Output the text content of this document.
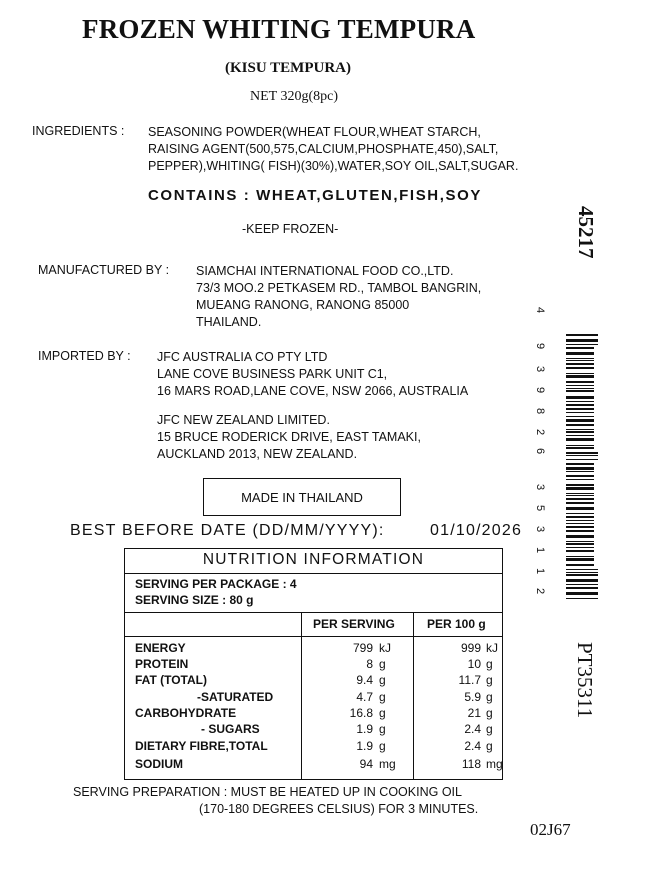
FROZEN WHITING TEMPURA
(KISU TEMPURA)
NET 320g(8pc)
INGREDIENTS : SEASONING POWDER(WHEAT FLOUR,WHEAT STARCH,
RAISING AGENT(500,575,CALCIUM,PHOSPHATE,450),SALT,
PEPPER),WHITING( FISH)(30%),WATER,SOY OIL,SALT,SUGAR.
CONTAINS : WHEAT,GLUTEN,FISH,SOY
-KEEP FROZEN-
MANUFACTURED BY : SIAMCHAI INTERNATIONAL FOOD CO.,LTD.
73/3 MOO.2 PETKASEM RD., TAMBOL BANGRIN,
MUEANG RANONG, RANONG 85000
THAILAND.
IMPORTED BY : JFC AUSTRALIA CO PTY LTD
LANE COVE BUSINESS PARK UNIT C1,
16 MARS ROAD,LANE COVE, NSW 2066, AUSTRALIA
JFC NEW ZEALAND LIMITED.
15 BRUCE RODERICK DRIVE, EAST TAMAKI,
AUCKLAND 2013, NEW ZEALAND.
MADE IN THAILAND
BEST BEFORE DATE (DD/MM/YYYY):	01/10/2026
NUTRITION INFORMATION
SERVING PER PACKAGE : 4
SERVING SIZE : 80 g
PER SERVING	PER 100 g
ENERGY	799 kJ	999 kJ
PROTEIN	8 g	10 g
FAT (TOTAL)	9.4 g	11.7 g
-SATURATED	4.7 g	5.9 g
CARBOHYDRATE	16.8 g	21 g
- SUGARS	1.9 g	2.4 g
DIETARY FIBRE,TOTAL	1.9 g	2.4 g
SODIUM	94 mg	118 mg
SERVING PREPARATION : MUST BE HEATED UP IN COOKING OIL
(170-180 DEGREES CELSIUS) FOR 3 MINUTES.
02J67
45217
PT35311
4
9
3
9
8
2
6
3
5
3
1
1
2
